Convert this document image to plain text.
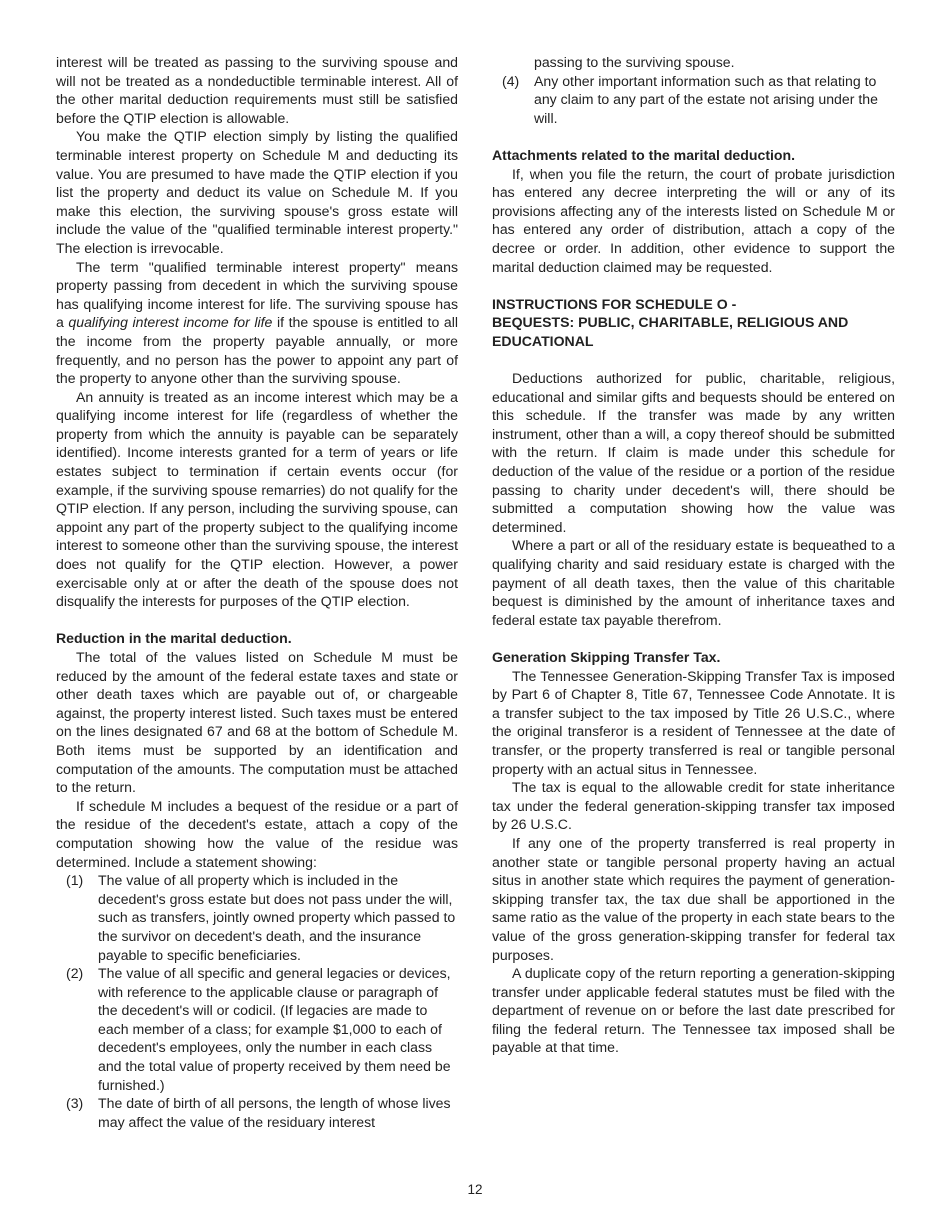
interest will be treated as passing to the surviving spouse and will not be treated as a nondeductible terminable interest. All of the other marital deduction requirements must still be satisfied before the QTIP election is allowable.

You make the QTIP election simply by listing the qualified terminable interest property on Schedule M and deducting its value. You are presumed to have made the QTIP election if you list the property and deduct its value on Schedule M. If you make this election, the surviving spouse's gross estate will include the value of the "qualified terminable interest property." The election is irrevocable.

The term "qualified terminable interest property" means property passing from decedent in which the surviving spouse has qualifying income interest for life. The surviving spouse has a qualifying interest income for life if the spouse is entitled to all the income from the property payable annually, or more frequently, and no person has the power to appoint any part of the property to anyone other than the surviving spouse.

An annuity is treated as an income interest which may be a qualifying income interest for life (regardless of whether the property from which the annuity is payable can be separately identified). Income interests granted for a term of years or life estates subject to termination if certain events occur (for example, if the surviving spouse remarries) do not qualify for the QTIP election. If any person, including the surviving spouse, can appoint any part of the property subject to the qualifying income interest to someone other than the surviving spouse, the interest does not qualify for the QTIP election. However, a power exercisable only at or after the death of the spouse does not disqualify the interests for purposes of the QTIP election.

Reduction in the marital deduction.

The total of the values listed on Schedule M must be reduced by the amount of the federal estate taxes and state or other death taxes which are payable out of, or chargeable against, the property interest listed. Such taxes must be entered on the lines designated 67 and 68 at the bottom of Schedule M. Both items must be supported by an identification and computation of the amounts. The computation must be attached to the return.

If schedule M includes a bequest of the residue or a part of the residue of the decedent's estate, attach a copy of the computation showing how the value of the residue was determined. Include a statement showing:

(1) The value of all property which is included in the decedent's gross estate but does not pass under the will, such as transfers, jointly owned property which passed to the survivor on decedent's death, and the insurance payable to specific beneficiaries.
(2) The value of all specific and general legacies or devices, with reference to the applicable clause or paragraph of the decedent's will or codicil. (If legacies are made to each member of a class; for example $1,000 to each of decedent's employees, only the number in each class and the total value of property received by them need be furnished.)
(3) The date of birth of all persons, the length of whose lives may affect the value of the residuary interest

passing to the surviving spouse.

(4) Any other important information such as that relating to any claim to any part of the estate not arising under the will.
Attachments related to the marital deduction.

If, when you file the return, the court of probate jurisdiction has entered any decree interpreting the will or any of its provisions affecting any of the interests listed on Schedule M or has entered any order of distribution, attach a copy of the decree or order. In addition, other evidence to support the marital deduction claimed may be requested.

INSTRUCTIONS FOR SCHEDULE O -
BEQUESTS: PUBLIC, CHARITABLE, RELIGIOUS AND EDUCATIONAL

Deductions authorized for public, charitable, religious, educational and similar gifts and bequests should be entered on this schedule. If the transfer was made by any written instrument, other than a will, a copy thereof should be submitted with the return. If claim is made under this schedule for deduction of the value of the residue or a portion of the residue passing to charity under decedent's will, there should be submitted a computation showing how the value was determined.

Where a part or all of the residuary estate is bequeathed to a qualifying charity and said residuary estate is charged with the payment of all death taxes, then the value of this charitable bequest is diminished by the amount of inheritance taxes and federal estate tax payable therefrom.

Generation Skipping Transfer Tax.

The Tennessee Generation-Skipping Transfer Tax is imposed by Part 6 of Chapter 8, Title 67, Tennessee Code Annotate. It is a transfer subject to the tax imposed by Title 26 U.S.C., where the original transferor is a resident of Tennessee at the date of transfer, or the property transferred is real or tangible personal property with an actual situs in Tennessee.

The tax is equal to the allowable credit for state inheritance tax under the federal generation-skipping transfer tax imposed by 26 U.S.C.

If any one of the property transferred is real property in another state or tangible personal property having an actual situs in another state which requires the payment of generation-skipping transfer tax, the tax due shall be apportioned in the same ratio as the value of the property in each state bears to the value of the gross generation-skipping transfer for federal tax purposes.

A duplicate copy of the return reporting a generation-skipping transfer under applicable federal statutes must be filed with the department of revenue on or before the last date prescribed for filing the federal return. The Tennessee tax imposed shall be payable at that time.

12
